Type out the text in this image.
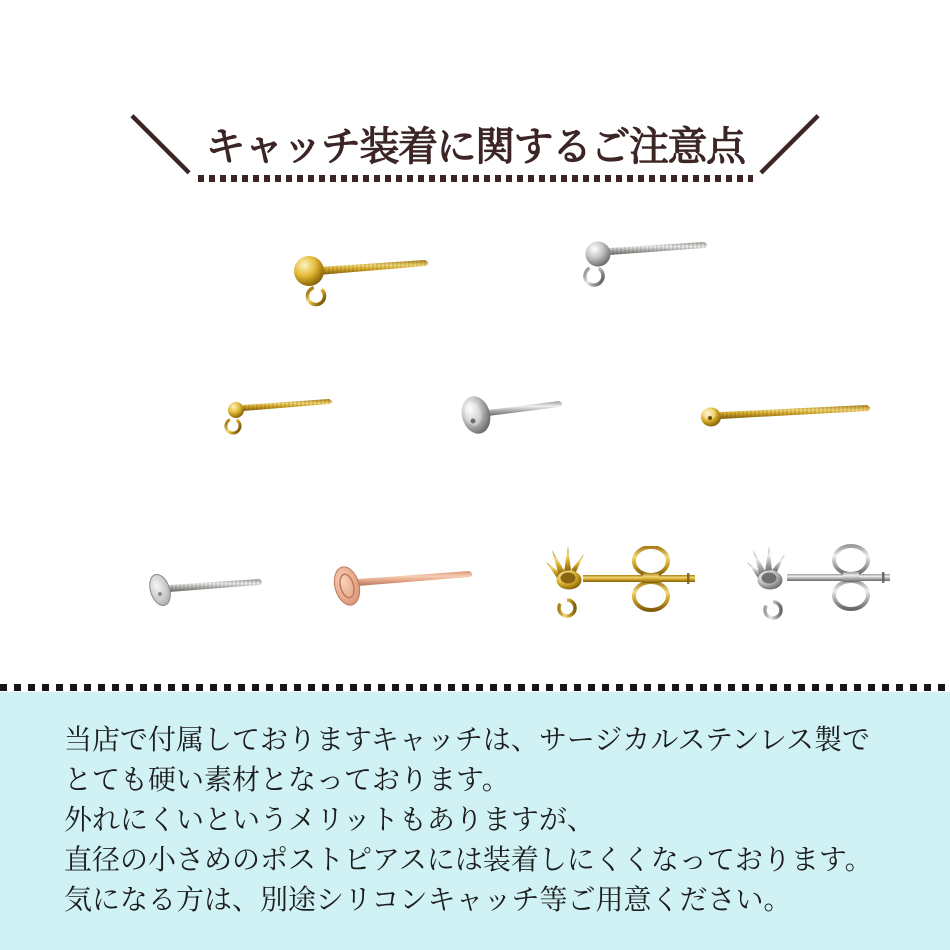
＼ キャッチ装着に関するご注意点 ／
当店で付属しておりますキャッチは、サージカルステンレス製で
とても硬い素材となっております。
外れにくいというメリットもありますが、
直径の小さめのポストピアスには装着しにくくなっております。
気になる方は、別途シリコンキャッチ等ご用意ください。
